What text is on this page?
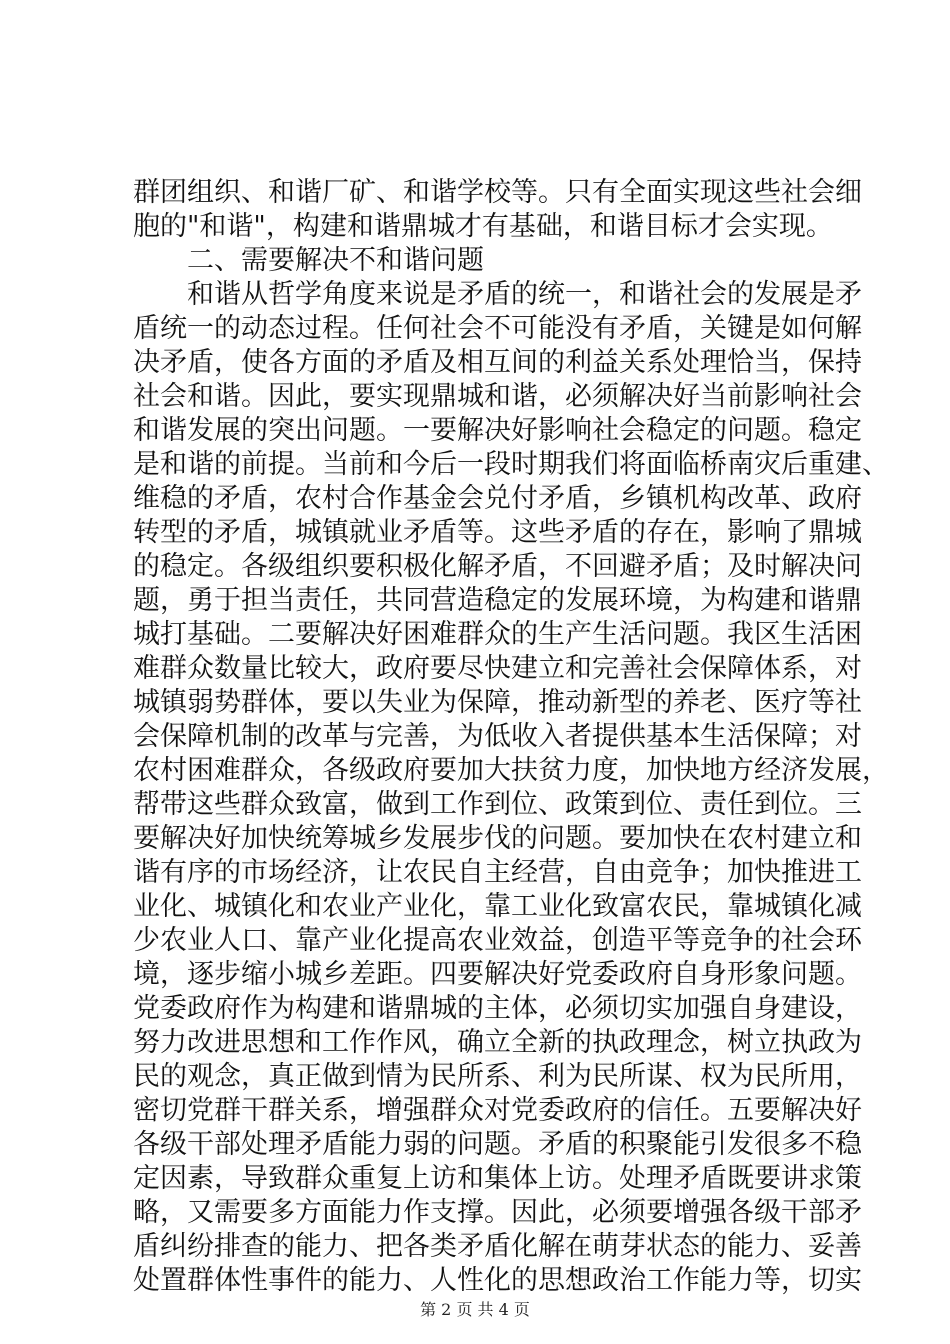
群团组织、和谐厂矿、和谐学校等。只有全面实现这些社会细
胞的"和谐"，构建和谐鼎城才有基础，和谐目标才会实现。
二、需要解决不和谐问题
和谐从哲学角度来说是矛盾的统一，和谐社会的发展是矛
盾统一的动态过程。任何社会不可能没有矛盾，关键是如何解
决矛盾，使各方面的矛盾及相互间的利益关系处理恰当，保持
社会和谐。因此，要实现鼎城和谐，必须解决好当前影响社会
和谐发展的突出问题。一要解决好影响社会稳定的问题。稳定
是和谐的前提。当前和今后一段时期我们将面临桥南灾后重建、
维稳的矛盾，农村合作基金会兑付矛盾，乡镇机构改革、政府
转型的矛盾，城镇就业矛盾等。这些矛盾的存在，影响了鼎城
的稳定。各级组织要积极化解矛盾，不回避矛盾；及时解决问
题，勇于担当责任，共同营造稳定的发展环境，为构建和谐鼎
城打基础。二要解决好困难群众的生产生活问题。我区生活困
难群众数量比较大，政府要尽快建立和完善社会保障体系，对
城镇弱势群体，要以失业为保障，推动新型的养老、医疗等社
会保障机制的改革与完善，为低收入者提供基本生活保障；对
农村困难群众，各级政府要加大扶贫力度，加快地方经济发展，
帮带这些群众致富，做到工作到位、政策到位、责任到位。三
要解决好加快统筹城乡发展步伐的问题。要加快在农村建立和
谐有序的市场经济，让农民自主经营，自由竞争；加快推进工
业化、城镇化和农业产业化，靠工业化致富农民，靠城镇化减
少农业人口、靠产业化提高农业效益，创造平等竞争的社会环
境，逐步缩小城乡差距。四要解决好党委政府自身形象问题。
党委政府作为构建和谐鼎城的主体，必须切实加强自身建设，
努力改进思想和工作作风，确立全新的执政理念，树立执政为
民的观念，真正做到情为民所系、利为民所谋、权为民所用，
密切党群干群关系，增强群众对党委政府的信任。五要解决好
各级干部处理矛盾能力弱的问题。矛盾的积聚能引发很多不稳
定因素，导致群众重复上访和集体上访。处理矛盾既要讲求策
略，又需要多方面能力作支撑。因此，必须要增强各级干部矛
盾纠纷排查的能力、把各类矛盾化解在萌芽状态的能力、妥善
处置群体性事件的能力、人性化的思想政治工作能力等，切实
第 2 页 共 4 页
